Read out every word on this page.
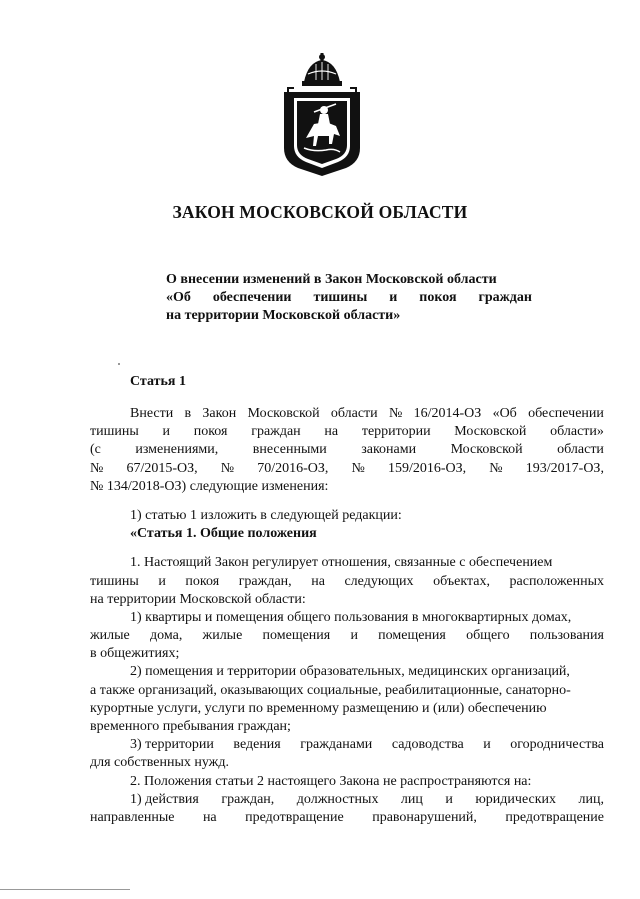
ЗАКОН МОСКОВСКОЙ ОБЛАСТИ
О внесении изменений в Закон Московской области
«Об обеспечении тишины и покоя граждан
на территории Московской области»
Статья 1
Внести в Закон Московской области № 16/2014-ОЗ «Об обеспечении
тишины и покоя граждан на территории Московской области»
(с изменениями, внесенными законами Московской области
№ 67/2015-ОЗ, № 70/2016-ОЗ, № 159/2016-ОЗ, № 193/2017-ОЗ,
№ 134/2018-ОЗ) следующие изменения:
1) статью 1 изложить в следующей редакции:
«Статья 1. Общие положения
1. Настоящий Закон регулирует отношения, связанные с обеспечением
тишины и покоя граждан, на следующих объектах, расположенных
на территории Московской области:
1) квартиры и помещения общего пользования в многоквартирных домах,
жилые дома, жилые помещения и помещения общего пользования
в общежитиях;
2) помещения и территории образовательных, медицинских организаций,
а также организаций, оказывающих социальные, реабилитационные, санаторно-
курортные услуги, услуги по временному размещению и (или) обеспечению
временного пребывания граждан;
3) территории ведения гражданами садоводства и огородничества
для собственных нужд.
2. Положения статьи 2 настоящего Закона не распространяются на:
1) действия граждан, должностных лиц и юридических лиц,
направленные на предотвращение правонарушений, предотвращение
